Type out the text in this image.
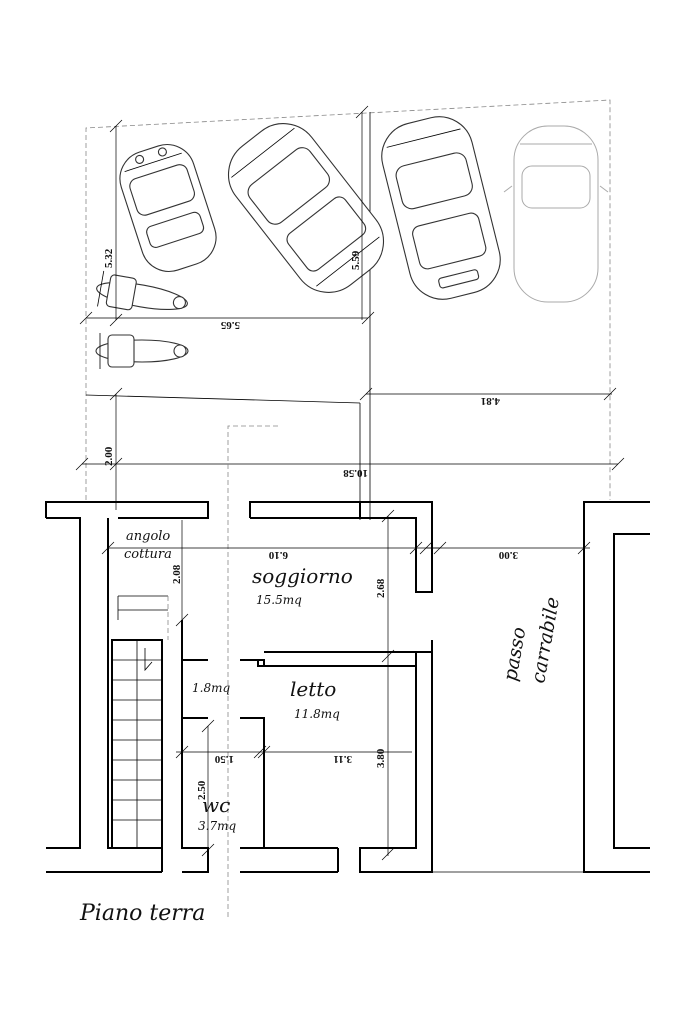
5.32	5.59
5.65
4.81
2.00
10.58
2.08
6.10
2.68
3.00
3.80
1.50	3.11
2.50
angolo
cottura
soggiorno
15.5mq
1.8mq	letto
11.8mq
wc
3.7mq
passo
carrabile
Piano terra
